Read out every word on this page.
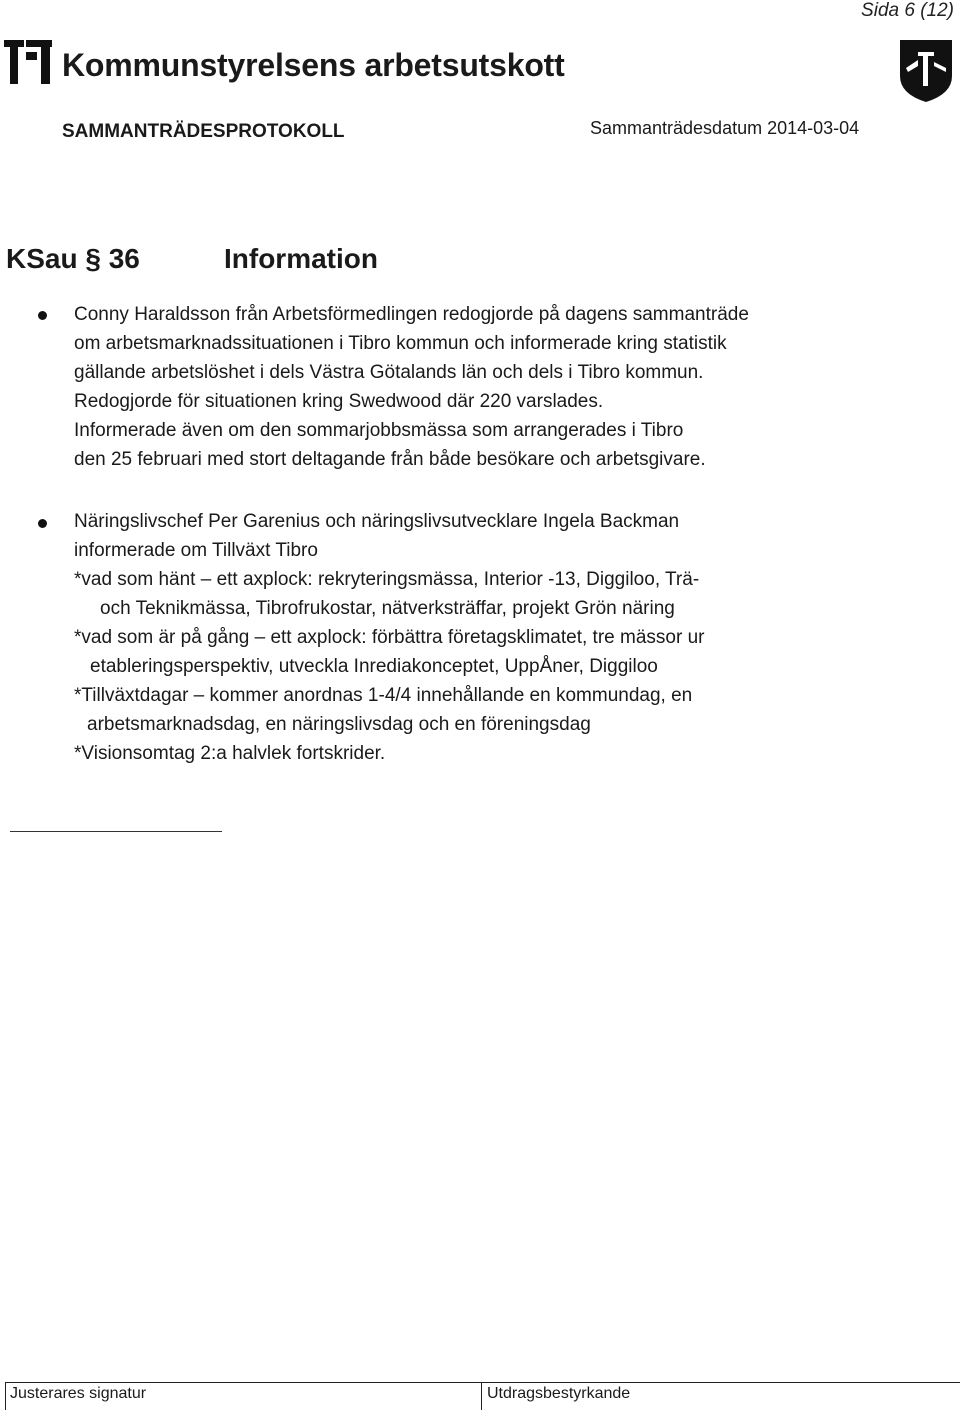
Sida 6 (12)
Kommunstyrelsens arbetsutskott
SAMMANTRÄDESPROTOKOLL	Sammanträdesdatum 2014-03-04
KSau § 36	Information
Conny Haraldsson från Arbetsförmedlingen redogjorde på dagens sammanträde
om arbetsmarknadssituationen i Tibro kommun och informerade kring statistik
gällande arbetslöshet i dels Västra Götalands län och dels i Tibro kommun.
Redogjorde för situationen kring Swedwood där 220 varslades.
Informerade även om den sommarjobbsmässa som arrangerades i Tibro
den 25 februari med stort deltagande från både besökare och arbetsgivare.
Näringslivschef Per Garenius och näringslivsutvecklare Ingela Backman
informerade om Tillväxt Tibro
*vad som hänt – ett axplock: rekryteringsmässa, Interior -13, Diggiloo, Trä-
och Teknikmässa, Tibrofrukostar, nätverksträffar, projekt Grön näring
*vad som är på gång – ett axplock: förbättra företagsklimatet, tre mässor ur
etableringsperspektiv, utveckla Inrediakonceptet, UppÅner, Diggiloo
*Tillväxtdagar – kommer anordnas 1-4/4 innehållande en kommundag, en
arbetsmarknadsdag, en näringslivsdag och en föreningsdag
*Visionsomtag 2:a halvlek fortskrider.
Justerares signatur	Utdragsbestyrkande
